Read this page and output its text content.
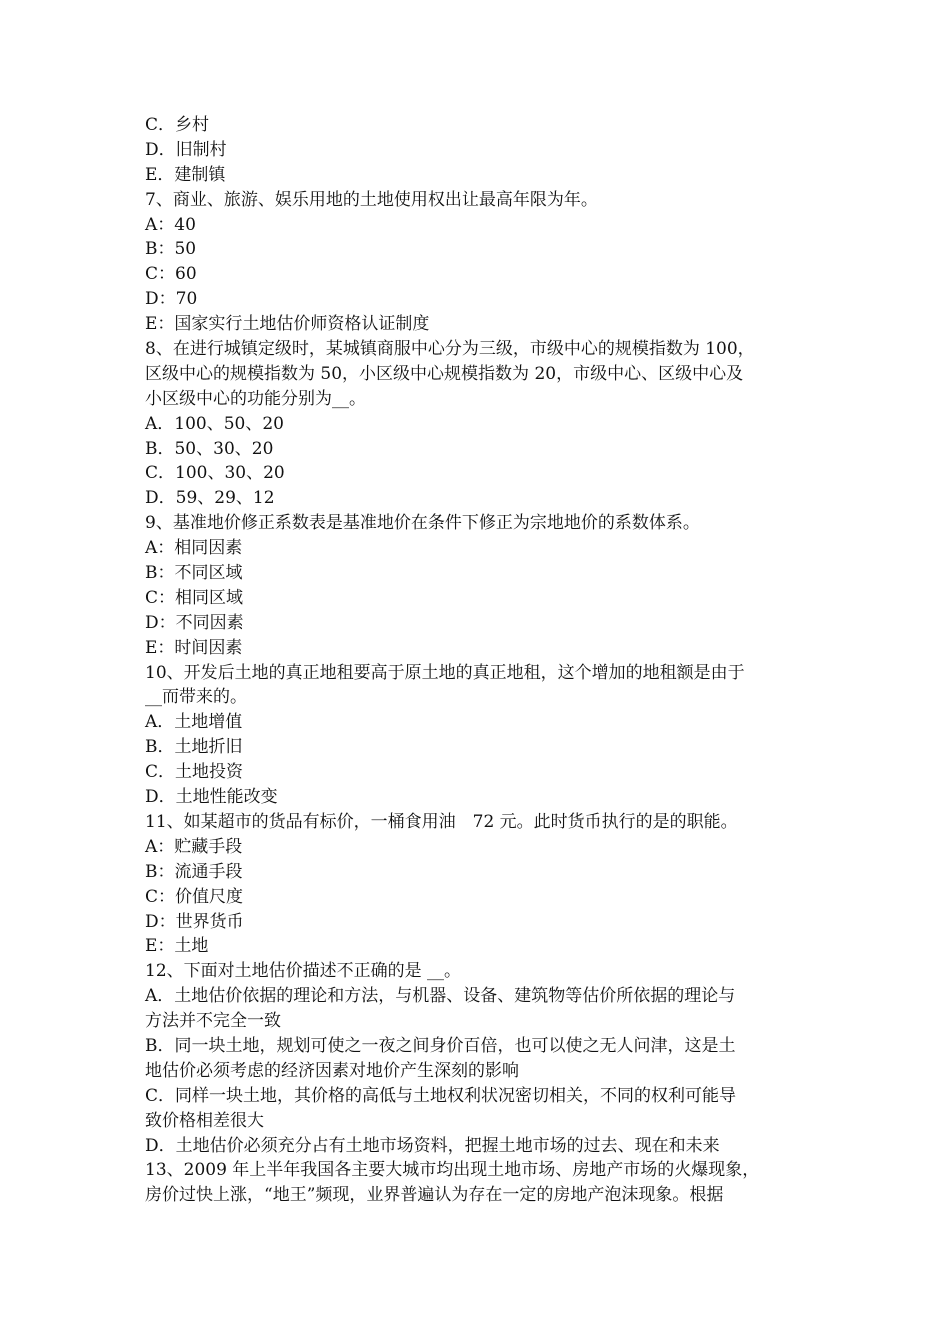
C．乡村
D．旧制村
E．建制镇
7、商业、旅游、娱乐用地的土地使用权出让最高年限为年。
A：40
B：50
C：60
D：70
E：国家实行土地估价师资格认证制度
8、在进行城镇定级时，某城镇商服中心分为三级，市级中心的规模指数为 100，
区级中心的规模指数为 50，小区级中心规模指数为 20，市级中心、区级中心及
小区级中心的功能分别为__。
A．100、50、20
B．50、30、20
C．100、30、20
D．59、29、12
9、基准地价修正系数表是基准地价在条件下修正为宗地地价的系数体系。
A：相同因素
B：不同区域
C：相同区域
D：不同因素
E：时间因素
10、开发后土地的真正地租要高于原土地的真正地租，这个增加的地租额是由于
__而带来的。
A．土地增值
B．土地折旧
C．土地投资
D．土地性能改变
11、如某超市的货品有标价，一桶食用油　72 元。此时货币执行的是的职能。
A：贮藏手段
B：流通手段
C：价值尺度
D：世界货币
E：土地
12、下面对土地估价描述不正确的是 __。
A．土地估价依据的理论和方法，与机器、设备、建筑物等估价所依据的理论与
方法并不完全一致
B．同一块土地，规划可使之一夜之间身价百倍，也可以使之无人问津，这是土
地估价必须考虑的经济因素对地价产生深刻的影响
C．同样一块土地，其价格的高低与土地权利状况密切相关，不同的权利可能导
致价格相差很大
D．土地估价必须充分占有土地市场资料，把握土地市场的过去、现在和未来
13、2009 年上半年我国各主要大城市均出现土地市场、房地产市场的火爆现象，
房价过快上涨，“地王”频现，业界普遍认为存在一定的房地产泡沫现象。根据
